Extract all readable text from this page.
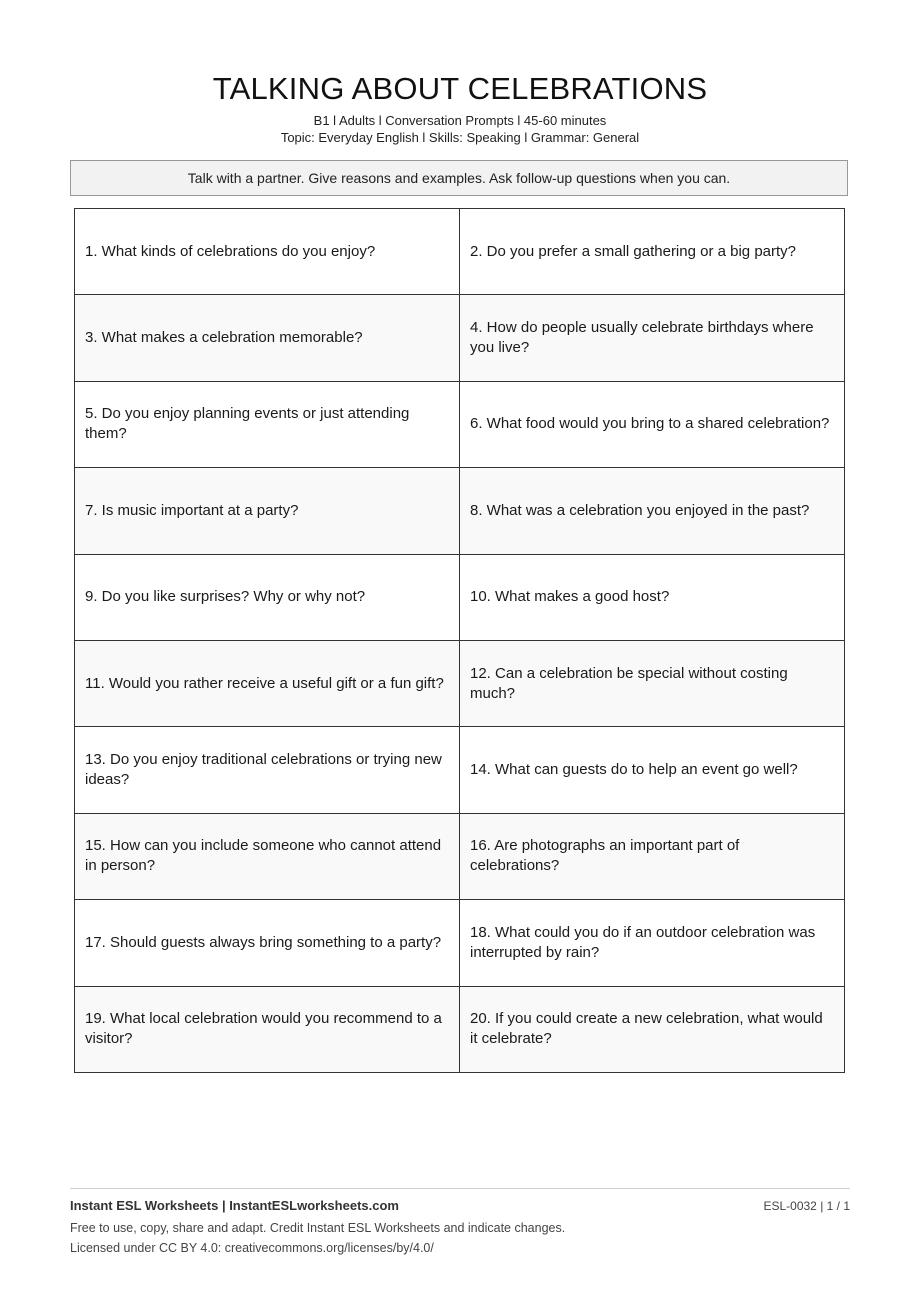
TALKING ABOUT CELEBRATIONS
B1 l Adults l Conversation Prompts l 45-60 minutes
Topic: Everyday English l Skills: Speaking l Grammar: General
Talk with a partner. Give reasons and examples. Ask follow-up questions when you can.
1. What kinds of celebrations do you enjoy?	2. Do you prefer a small gathering or a big party?
3. What makes a celebration memorable?	4. How do people usually celebrate birthdays where you live?
5. Do you enjoy planning events or just attending them?	6. What food would you bring to a shared celebration?
7. Is music important at a party?	8. What was a celebration you enjoyed in the past?
9. Do you like surprises? Why or why not?	10. What makes a good host?
11. Would you rather receive a useful gift or a fun gift?	12. Can a celebration be special without costing much?
13. Do you enjoy traditional celebrations or trying new ideas?	14. What can guests do to help an event go well?
15. How can you include someone who cannot attend in person?	16. Are photographs an important part of celebrations?
17. Should guests always bring something to a party?	18. What could you do if an outdoor celebration was interrupted by rain?
19. What local celebration would you recommend to a visitor?	20. If you could create a new celebration, what would it celebrate?
Instant ESL Worksheets | InstantESLworksheets.com	ESL-0032 | 1 / 1
Free to use, copy, share and adapt. Credit Instant ESL Worksheets and indicate changes.
Licensed under CC BY 4.0: creativecommons.org/licenses/by/4.0/
